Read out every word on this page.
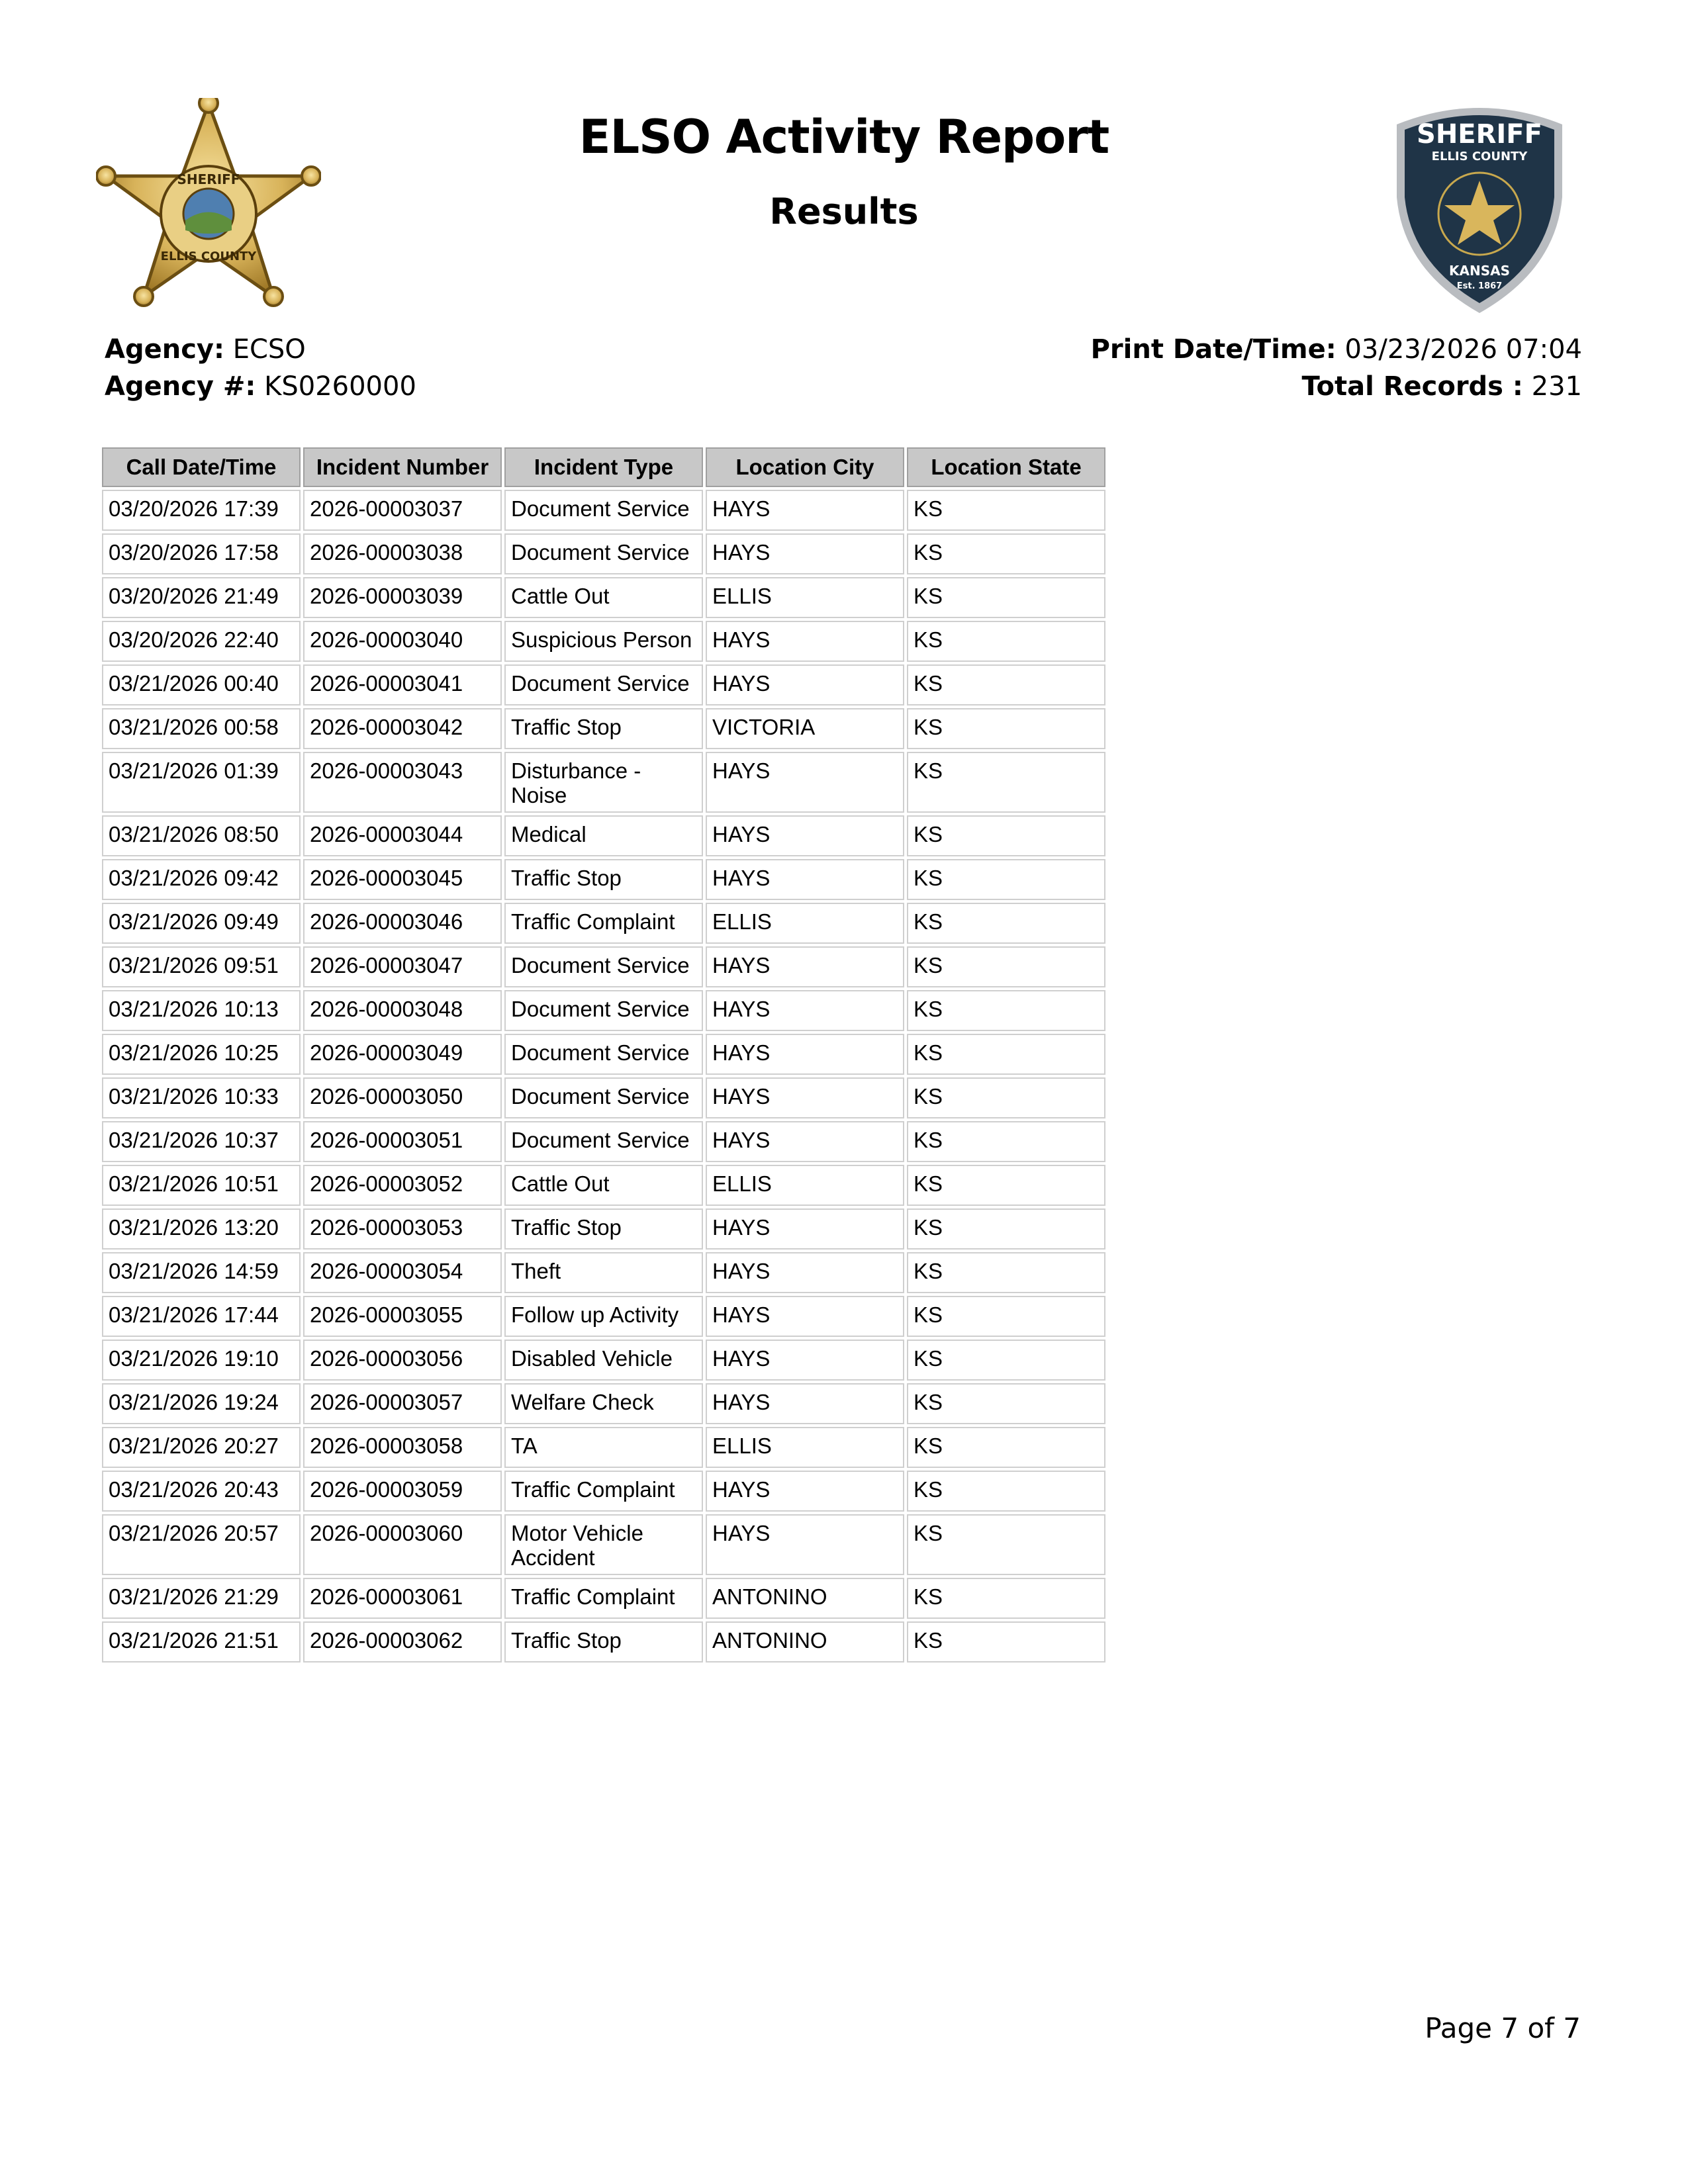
SHERIFF
ELLIS COUNTY
ELSO Activity Report
Results
SHERIFF
ELLIS COUNTY
KANSAS
Est. 1867
Agency: ECSO
Agency #: KS0260000
Print Date/Time: 03/23/2026 07:04
Total Records : 231
Call Date/Time	Incident Number	Incident Type	Location City	Location State
03/20/2026 17:39	2026-00003037	Document Service	HAYS	KS
03/20/2026 17:58	2026-00003038	Document Service	HAYS	KS
03/20/2026 21:49	2026-00003039	Cattle Out	ELLIS	KS
03/20/2026 22:40	2026-00003040	Suspicious Person	HAYS	KS
03/21/2026 00:40	2026-00003041	Document Service	HAYS	KS
03/21/2026 00:58	2026-00003042	Traffic Stop	VICTORIA	KS
03/21/2026 01:39	2026-00003043	Disturbance - Noise	HAYS	KS
03/21/2026 08:50	2026-00003044	Medical	HAYS	KS
03/21/2026 09:42	2026-00003045	Traffic Stop	HAYS	KS
03/21/2026 09:49	2026-00003046	Traffic Complaint	ELLIS	KS
03/21/2026 09:51	2026-00003047	Document Service	HAYS	KS
03/21/2026 10:13	2026-00003048	Document Service	HAYS	KS
03/21/2026 10:25	2026-00003049	Document Service	HAYS	KS
03/21/2026 10:33	2026-00003050	Document Service	HAYS	KS
03/21/2026 10:37	2026-00003051	Document Service	HAYS	KS
03/21/2026 10:51	2026-00003052	Cattle Out	ELLIS	KS
03/21/2026 13:20	2026-00003053	Traffic Stop	HAYS	KS
03/21/2026 14:59	2026-00003054	Theft	HAYS	KS
03/21/2026 17:44	2026-00003055	Follow up Activity	HAYS	KS
03/21/2026 19:10	2026-00003056	Disabled Vehicle	HAYS	KS
03/21/2026 19:24	2026-00003057	Welfare Check	HAYS	KS
03/21/2026 20:27	2026-00003058	TA	ELLIS	KS
03/21/2026 20:43	2026-00003059	Traffic Complaint	HAYS	KS
03/21/2026 20:57	2026-00003060	Motor Vehicle Accident	HAYS	KS
03/21/2026 21:29	2026-00003061	Traffic Complaint	ANTONINO	KS
03/21/2026 21:51	2026-00003062	Traffic Stop	ANTONINO	KS
Page 7 of 7
